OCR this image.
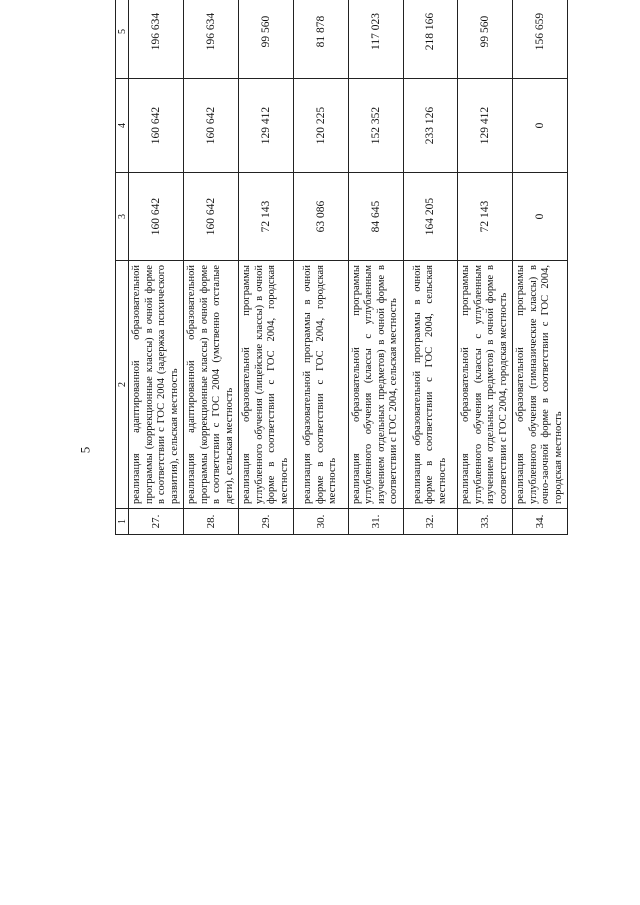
5
1	2	3	4	5			
27.	реализация адаптированной образовательной программы (коррекционные классы) в очной форме в соответствии с ГОС 2004 (задержка психического развития), сельская местность	160 642	160 642	196 634			
28.	реализация адаптированной образовательной программы (коррекционные классы) в очной форме в соответствии с ГОС 2004 (умственно отсталые дети), сельская местность	160 642	160 642	196 634			
29.	реализация образовательной программы углубленного обучения (лицейские классы) в очной форме в соответствии с ГОС 2004, городская местность	72 143	129 412	99 560			
30.	реализация образовательной программы в очной форме в соответствии с ГОС 2004, городская местность	63 086	120 225	81 878			
31.	реализация образовательной программы углубленного обучения (классы с углубленным изучением отдельных предметов) в очной форме в соответствии с ГОС 2004, сельская местность	84 645	152 352	117 023			
32.	реализация образовательной программы в очной форме в соответствии с ГОС 2004, сельская местность	164 205	233 126	218 166			
33.	реализация образовательной программы углубленного обучения (классы с углубленным изучением отдельных предметов) в очной форме в соответствии с ГОС 2004, городская местность	72 143	129 412	99 560			
34.	реализация образовательной программы углубленного обучения (гимназические классы) в очно-заочной форме в соответствии с ГОС 2004, городская местность	0	0	156 659			
